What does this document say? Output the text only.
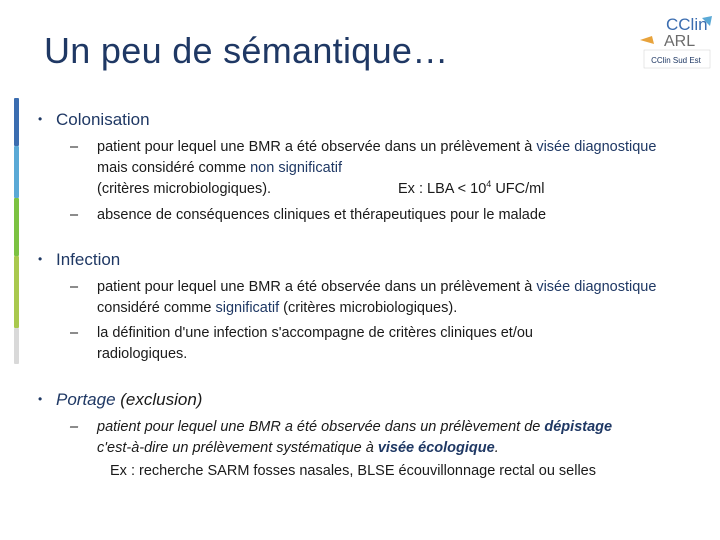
Un peu de sémantique…
CClin
ARL
CClin Sud Est
• Colonisation
– patient pour lequel une BMR a été observée dans un prélèvement à visée diagnostique mais considéré comme non significatif
(critères microbiologiques).	Ex : LBA < $10^4$ UFC/ml
– absence de conséquences cliniques et thérapeutiques pour le malade
• Infection
– patient pour lequel une BMR a été observée dans un prélèvement à visée diagnostique considéré comme significatif (critères microbiologiques).
– la définition d'une infection s'accompagne de critères cliniques et/ou radiologiques.
• Portage (exclusion)
– patient pour lequel une BMR a été observée dans un prélèvement de dépistage
c'est-à-dire un prélèvement systématique à visée écologique.
Ex : recherche SARM fosses nasales, BLSE écouvillonnage rectal ou selles
